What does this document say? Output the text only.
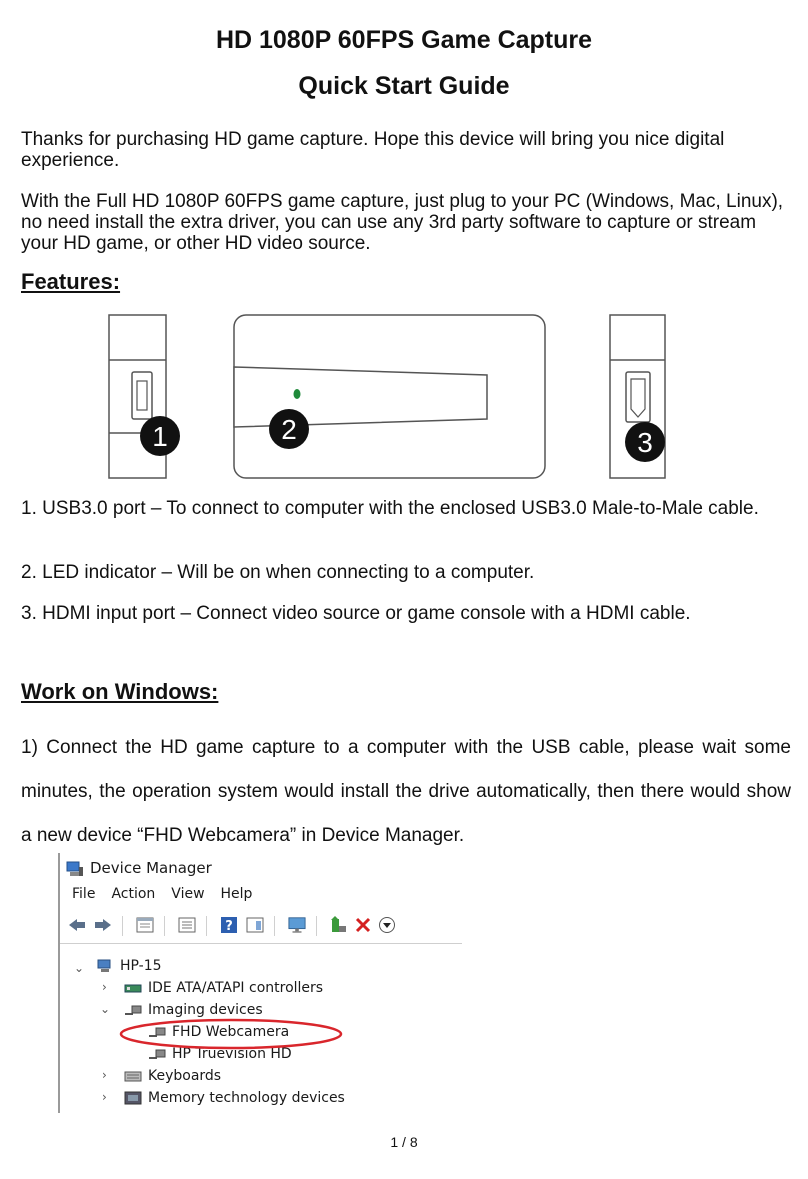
HD 1080P 60FPS Game Capture
Quick Start Guide

Thanks for purchasing HD game capture. Hope this device will bring you nice digital experience.

With the Full HD 1080P 60FPS game capture, just plug to your PC (Windows, Mac, Linux), no need install the extra driver, you can use any 3rd party software to capture or stream your HD game, or other HD video source.

Features:
1	2	3

1. USB3.0 port – To connect to computer with the enclosed USB3.0 Male-to-Male cable.

2. LED indicator – Will be on when connecting to a computer.

3. HDMI input port – Connect video source or game console with a HDMI cable.

Work on Windows:

1) Connect the HD game capture to a computer with the USB cable, please wait some minutes, the operation system would install the drive automatically, then there would show a new device “FHD Webcamera” in Device Manager.

Device Manager
File Action View Help
?
⌄	HP-15
›	IDE ATA/ATAPI controllers
⌄	Imaging devices
FHD Webcamera
HP Truevision HD
›	Keyboards
›	Memory technology devices
1 / 8
